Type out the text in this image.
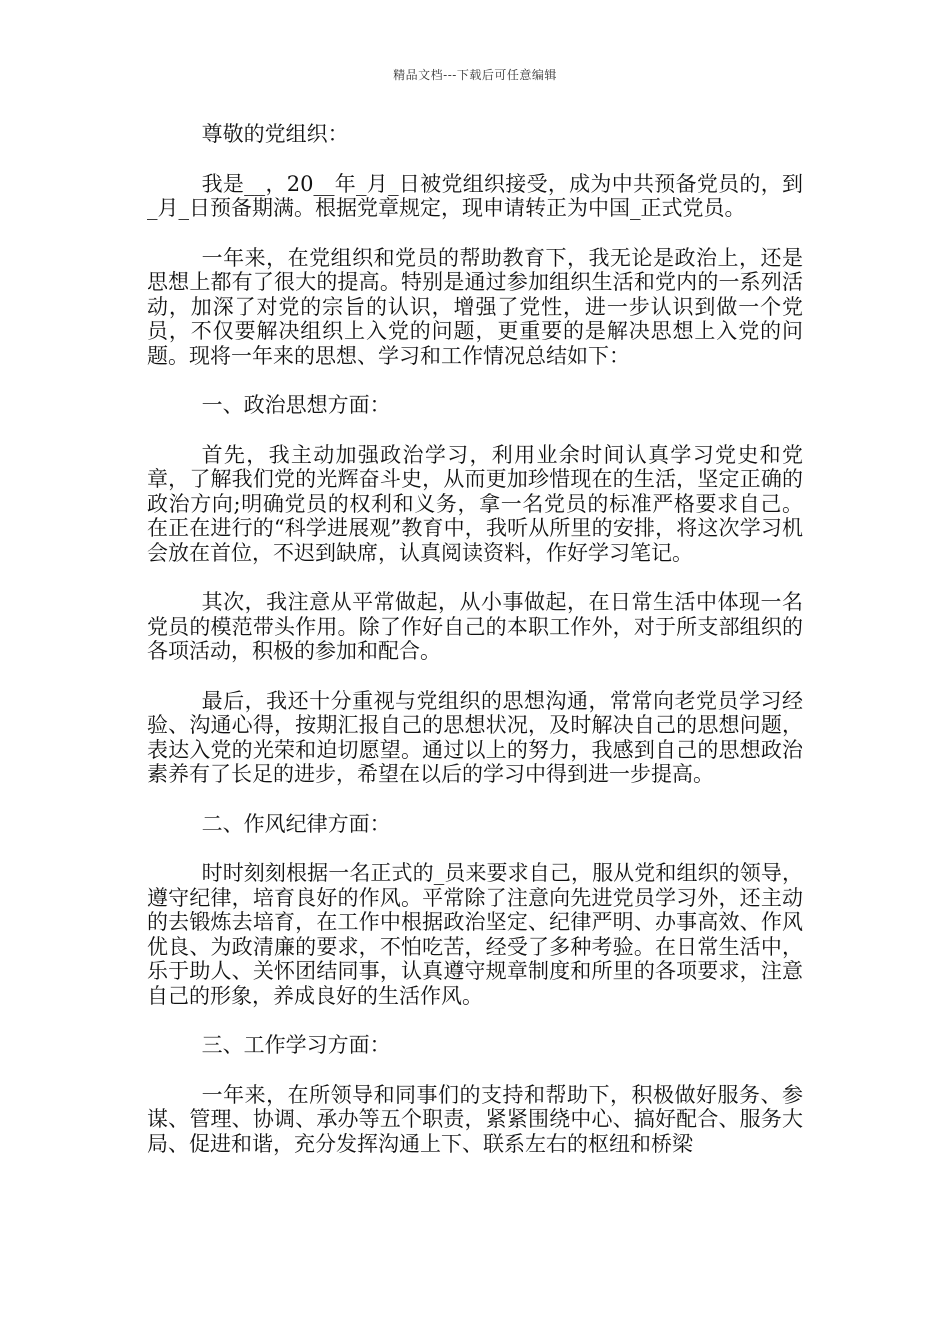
精品文档---下载后可任意编辑

尊敬的党组织：

我是__，20__年_月_日被党组织接受，成为中共预备党员的，到_月_日预备期满。根据党章规定，现申请转正为中国_正式党员。

一年来，在党组织和党员的帮助教育下，我无论是政治上，还是思想上都有了很大的提高。特别是通过参加组织生活和党内的一系列活动，加深了对党的宗旨的认识，增强了党性，进一步认识到做一个党员，不仅要解决组织上入党的问题，更重要的是解决思想上入党的问题。现将一年来的思想、学习和工作情况总结如下：

一、政治思想方面：

首先，我主动加强政治学习，利用业余时间认真学习党史和党章，了解我们党的光辉奋斗史，从而更加珍惜现在的生活，坚定正确的政治方向;明确党员的权利和义务，拿一名党员的标准严格要求自己。在正在进行的“科学进展观”教育中，我听从所里的安排，将这次学习机会放在首位，不迟到缺席，认真阅读资料，作好学习笔记。

其次，我注意从平常做起，从小事做起，在日常生活中体现一名党员的模范带头作用。除了作好自己的本职工作外，对于所支部组织的各项活动，积极的参加和配合。

最后，我还十分重视与党组织的思想沟通，常常向老党员学习经验、沟通心得，按期汇报自己的思想状况，及时解决自己的思想问题，表达入党的光荣和迫切愿望。通过以上的努力，我感到自己的思想政治素养有了长足的进步，希望在以后的学习中得到进一步提高。

二、作风纪律方面：

时时刻刻根据一名正式的_员来要求自己，服从党和组织的领导，遵守纪律，培育良好的作风。平常除了注意向先进党员学习外，还主动的去锻炼去培育，在工作中根据政治坚定、纪律严明、办事高效、作风优良、为政清廉的要求，不怕吃苦，经受了多种考验。在日常生活中，乐于助人、关怀团结同事，认真遵守规章制度和所里的各项要求，注意自己的形象，养成良好的生活作风。

三、工作学习方面：

一年来，在所领导和同事们的支持和帮助下，积极做好服务、参谋、管理、协调、承办等五个职责，紧紧围绕中心、搞好配合、服务大局、促进和谐，充分发挥沟通上下、联系左右的枢纽和桥梁
